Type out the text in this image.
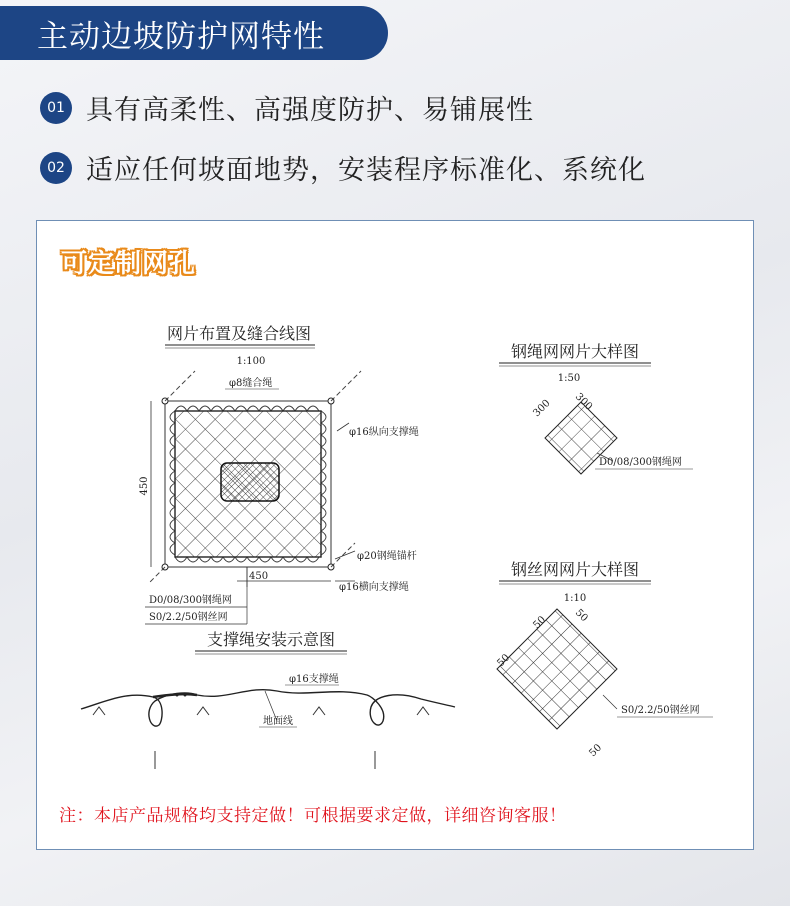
主动边坡防护网特性
01 具有高柔性、高强度防护、易铺展性
02 适应任何坡面地势，安装程序标准化、系统化
可定制网孔
网片布置及缝合线图
1:100
450
450
φ8缝合绳
φ16纵向支撑绳
φ20钢绳锚杆
φ16横向支撑绳
D0/08/300钢绳网
S0/2.2/50钢丝网
支撑绳安装示意图
φ16支撑绳
地面线
钢绳网网片大样图
1:50
300 300
D0/08/300钢绳网
钢丝网网片大样图
1:10
50 50
50
50
S0/2.2/50钢丝网
注：本店产品规格均支持定做！可根据要求定做，详细咨询客服！
